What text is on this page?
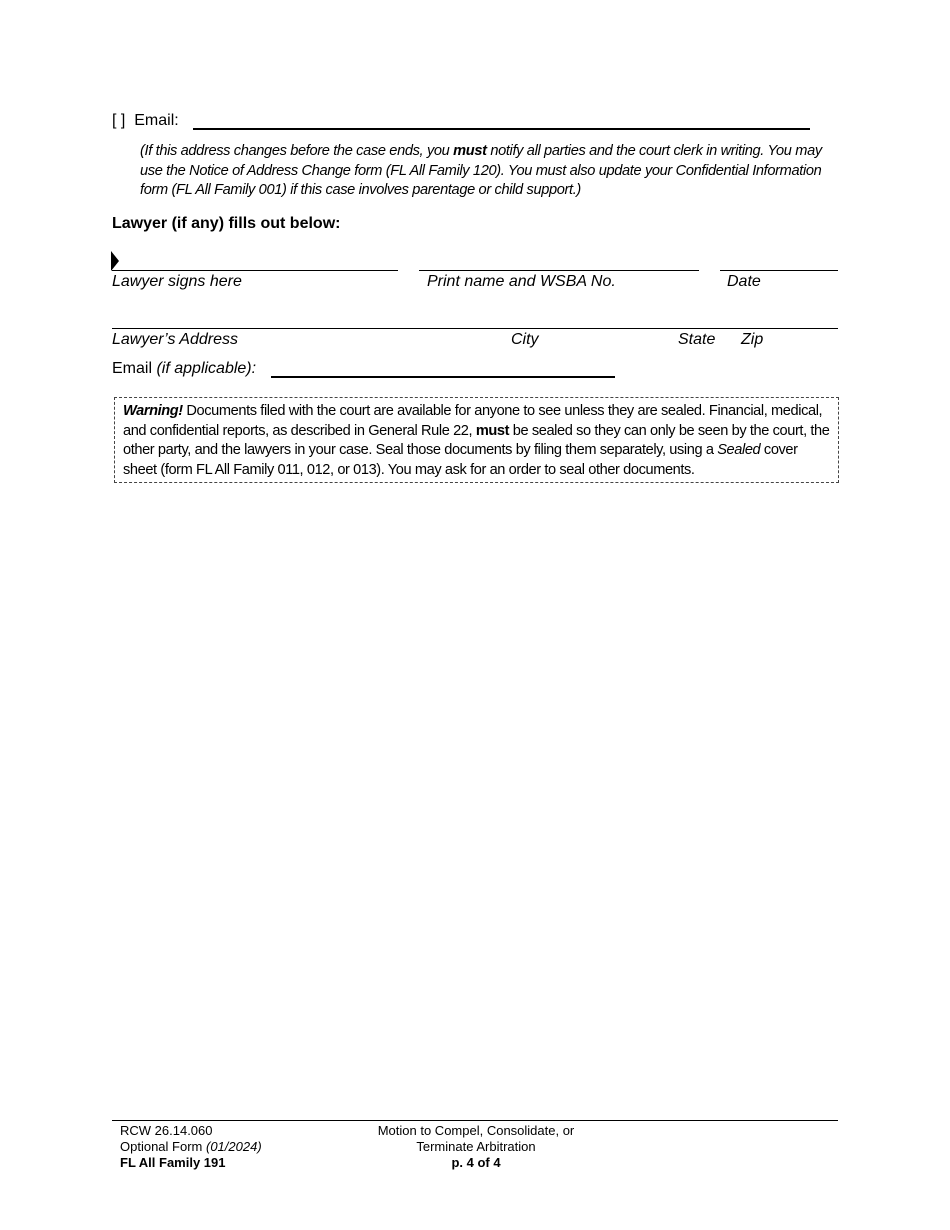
[ ] Email:
(If this address changes before the case ends, you must notify all parties and the court clerk in writing. You may use the Notice of Address Change form (FL All Family 120). You must also update your Confidential Information form (FL All Family 001) if this case involves parentage or child support.)
Lawyer (if any) fills out below:
Lawyer signs here	Print name and WSBA No.	Date
Lawyer’s Address	City	State Zip
Email (if applicable):
Warning! Documents filed with the court are available for anyone to see unless they are sealed. Financial, medical, and confidential reports, as described in General Rule 22, must be sealed so they can only be seen by the court, the other party, and the lawyers in your case. Seal those documents by filing them separately, using a Sealed cover sheet (form FL All Family 011, 012, or 013). You may ask for an order to seal other documents.
RCW 26.14.060
Optional Form (01/2024)
FL All Family 191
Motion to Compel, Consolidate, or
Terminate Arbitration
p. 4 of 4
